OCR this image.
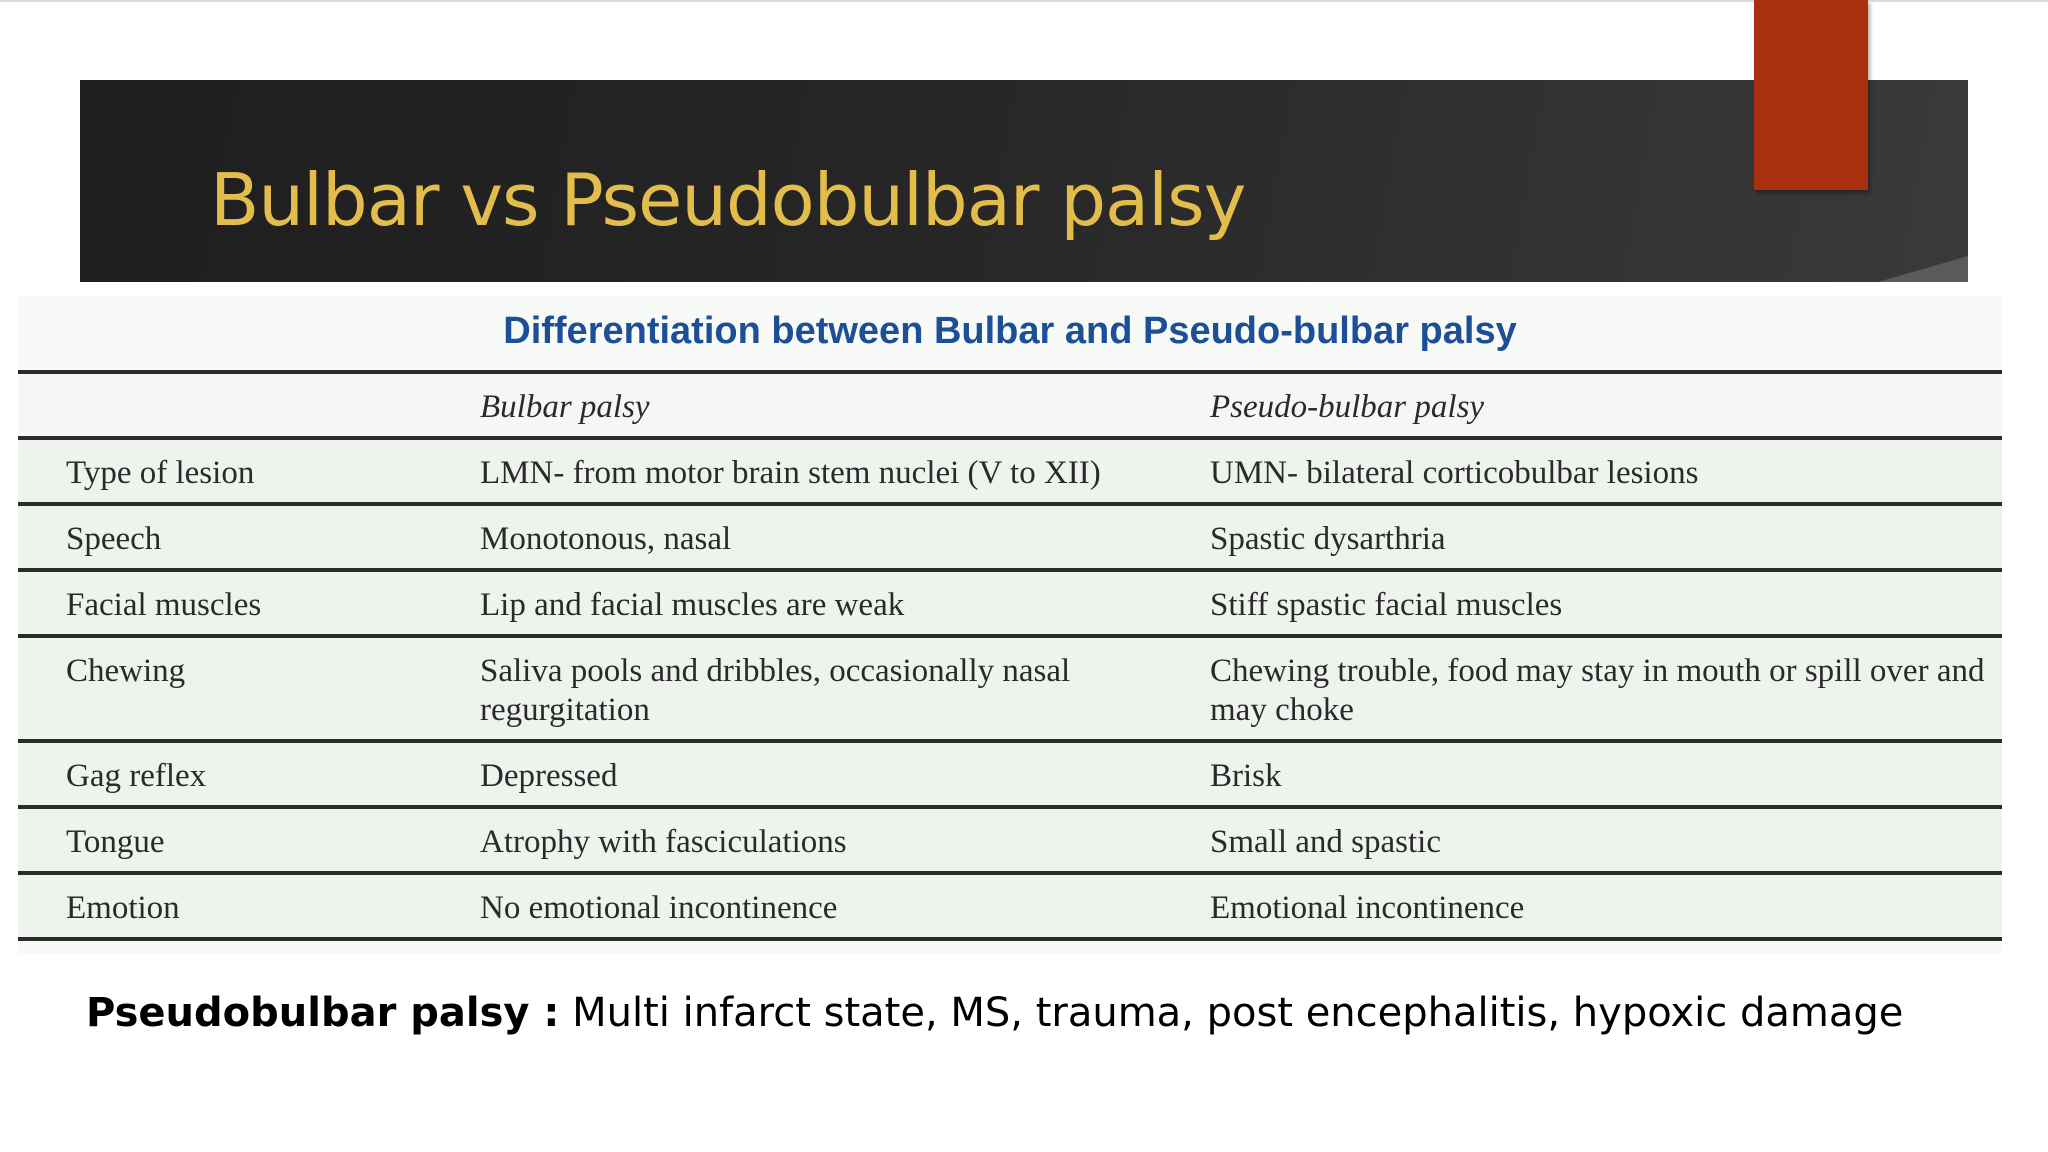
Bulbar vs Pseudobulbar palsy
Differentiation between Bulbar and Pseudo-bulbar palsy
	Bulbar palsy	Pseudo-bulbar palsy
Type of lesion	LMN- from motor brain stem nuclei (V to XII)	UMN- bilateral corticobulbar lesions
Speech	Monotonous, nasal	Spastic dysarthria
Facial muscles	Lip and facial muscles are weak	Stiff spastic facial muscles
Chewing	Saliva pools and dribbles, occasionally nasal regurgitation	Chewing trouble, food may stay in mouth or spill over and may choke
Gag reflex	Depressed	Brisk
Tongue	Atrophy with fasciculations	Small and spastic
Emotion	No emotional incontinence	Emotional incontinence

Pseudobulbar palsy : Multi infarct state, MS, trauma, post encephalitis, hypoxic damage
